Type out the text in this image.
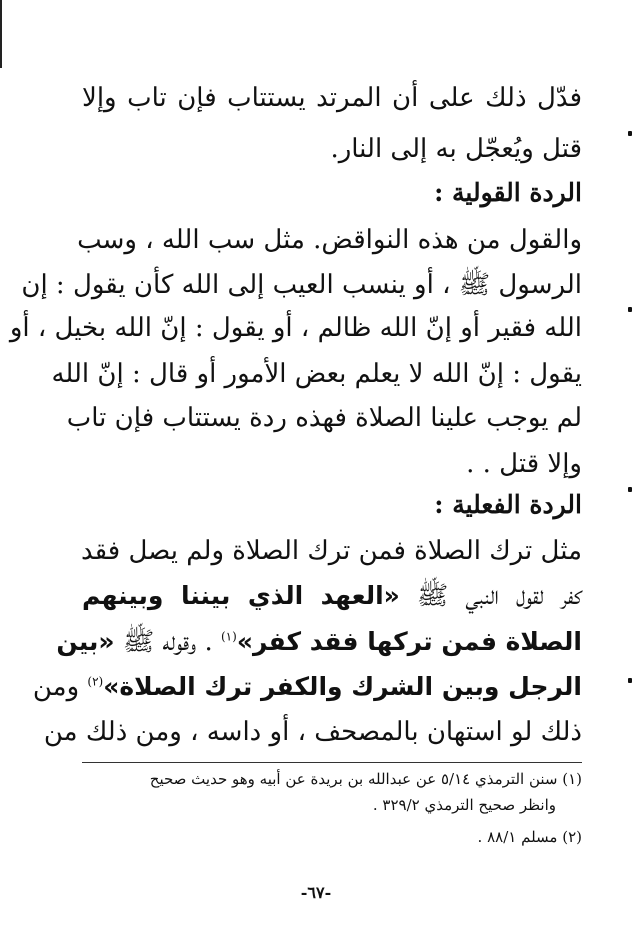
فدّل ذلك على أن المرتد يستتاب فإن تاب وإلا
قتل ويُعجّل به إلى النار.
الردة القولية :
والقول من هذه النواقض. مثل سب الله ، وسب
الرسول ﷺ ، أو ينسب العيب إلى الله كأن يقول : إن
الله فقير أو إنّ الله ظالم ، أو يقول : إنّ الله بخيل ، أو
يقول : إنّ الله لا يعلم بعض الأمور أو قال : إنّ الله
لم يوجب علينا الصلاة فهذه ردة يستتاب فإن تاب
وإلا قتل . .
الردة الفعلية :
مثل ترك الصلاة فمن ترك الصلاة ولم يصل فقد
كفر لقول النبي ﷺ «العهد الذي بيننا وبينهم
الصلاة فمن تركها فقد كفر»$^{(١)}$ . وقوله ﷺ «بين
الرجل وبين الشرك والكفر ترك الصلاة»$^{(٢)}$ ومن
ذلك لو استهان بالمصحف ، أو داسه ، ومن ذلك من
(١) سنن الترمذي ٥/١٤ عن عبدالله بن بريدة عن أبيه وهو حديث صحيح
وانظر صحيح الترمذي ٣٢٩/٢ .
(٢) مسلم ٨٨/١ .
-٦٧-
